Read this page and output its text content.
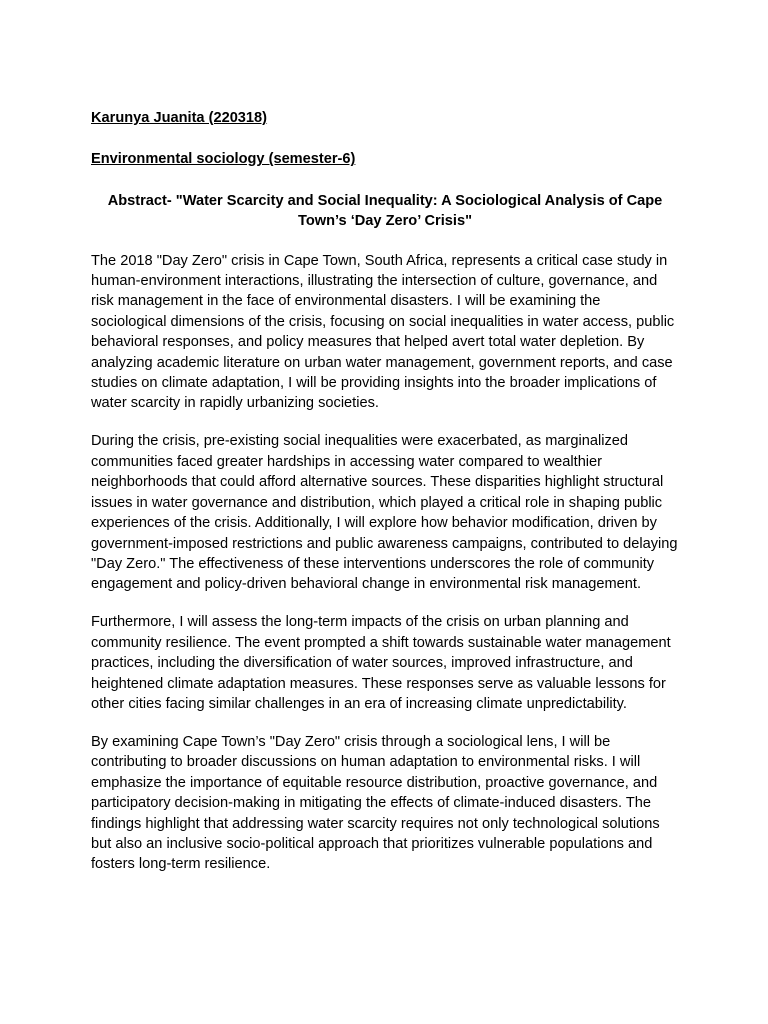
Karunya Juanita (220318)
Environmental sociology (semester-6)
Abstract- "Water Scarcity and Social Inequality: A Sociological Analysis of Cape Town’s ‘Day Zero’ Crisis"

The 2018 "Day Zero" crisis in Cape Town, South Africa, represents a critical case study in human-environment interactions, illustrating the intersection of culture, governance, and risk management in the face of environmental disasters. I will be examining the sociological dimensions of the crisis, focusing on social inequalities in water access, public behavioral responses, and policy measures that helped avert total water depletion. By analyzing academic literature on urban water management, government reports, and case studies on climate adaptation, I will be providing insights into the broader implications of water scarcity in rapidly urbanizing societies.

During the crisis, pre-existing social inequalities were exacerbated, as marginalized communities faced greater hardships in accessing water compared to wealthier neighborhoods that could afford alternative sources. These disparities highlight structural issues in water governance and distribution, which played a critical role in shaping public experiences of the crisis. Additionally, I will explore how behavior modification, driven by government-imposed restrictions and public awareness campaigns, contributed to delaying "Day Zero." The effectiveness of these interventions underscores the role of community engagement and policy-driven behavioral change in environmental risk management.

Furthermore, I will assess the long-term impacts of the crisis on urban planning and community resilience. The event prompted a shift towards sustainable water management practices, including the diversification of water sources, improved infrastructure, and heightened climate adaptation measures. These responses serve as valuable lessons for other cities facing similar challenges in an era of increasing climate unpredictability.

By examining Cape Town’s "Day Zero" crisis through a sociological lens, I will be contributing to broader discussions on human adaptation to environmental risks. I will emphasize the importance of equitable resource distribution, proactive governance, and participatory decision-making in mitigating the effects of climate-induced disasters. The findings highlight that addressing water scarcity requires not only technological solutions but also an inclusive socio-political approach that prioritizes vulnerable populations and fosters long-term resilience.
